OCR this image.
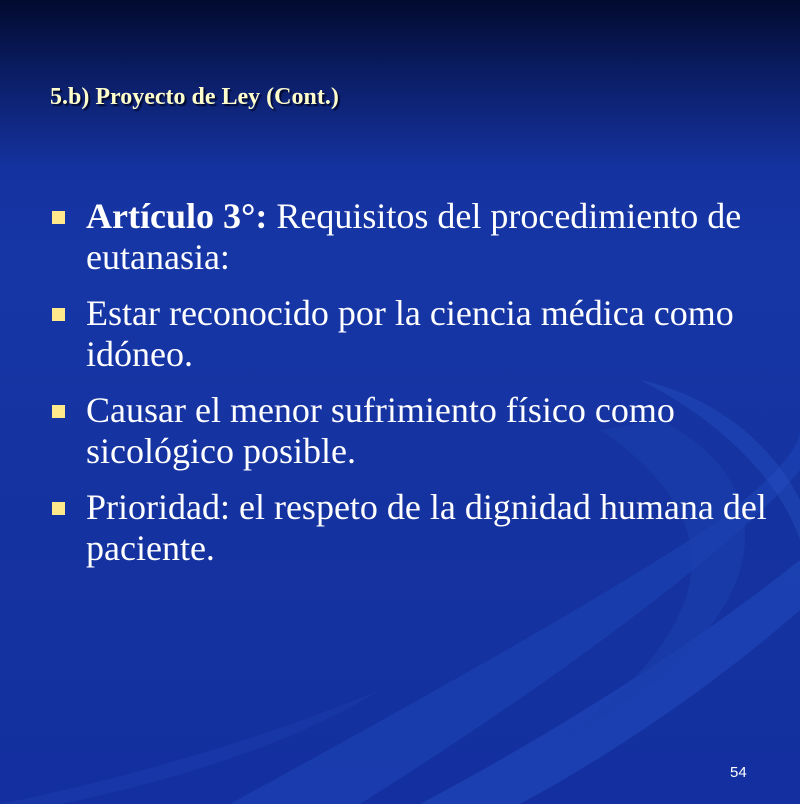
5.b) Proyecto de Ley (Cont.)
Artículo 3°: Requisitos del procedimiento de eutanasia:
Estar reconocido por la ciencia médica como idóneo.
Causar el menor sufrimiento físico como sicológico posible.
Prioridad: el respeto de la dignidad humana del paciente.
54
